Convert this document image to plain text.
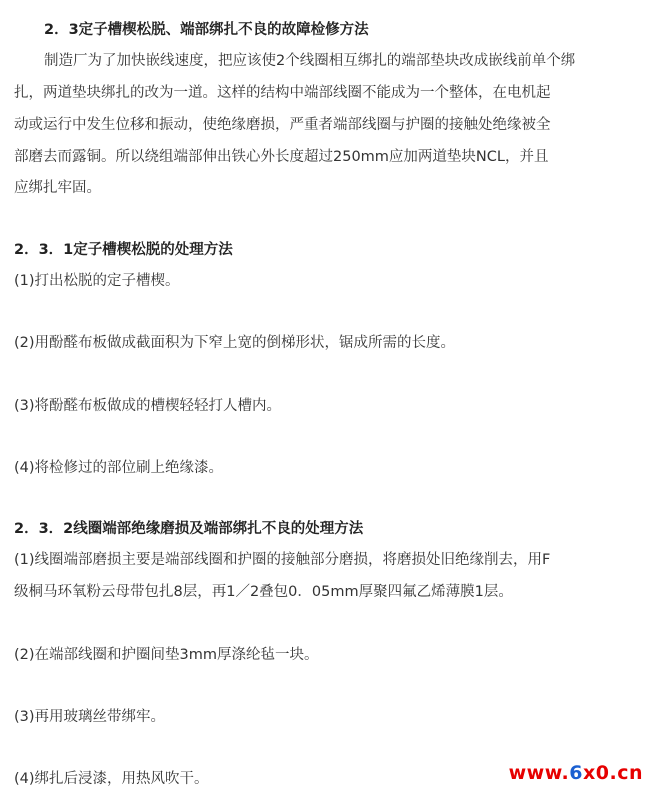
2．3定子槽楔松脱、端部绑扎不良的故障检修方法
制造厂为了加快嵌线速度，把应该使2个线圈相互绑扎的端部垫块改成嵌线前单个绑
扎，两道垫块绑扎的改为一道。这样的结构中端部线圈不能成为一个整体，在电机起
动或运行中发生位移和振动，使绝缘磨损，严重者端部线圈与护圈的接触处绝缘被全
部磨去而露铜。所以绕组端部伸出铁心外长度超过250mm应加两道垫块NCL，并且
应绑扎牢固。
2．3．1定子槽楔松脱的处理方法
(1)打出松脱的定子槽楔。
(2)用酚醛布板做成截面积为下窄上宽的倒梯形状，锯成所需的长度。
(3)将酚醛布板做成的槽楔轻轻打人槽内。
(4)将检修过的部位刷上绝缘漆。
2．3．2线圈端部绝缘磨损及端部绑扎不良的处理方法
(1)线圈端部磨损主要是端部线圈和护圈的接触部分磨损，将磨损处旧绝缘削去，用F
级桐马环氧粉云母带包扎8层，再1／2叠包0．05mm厚聚四氟乙烯薄膜1层。
(2)在端部线圈和护圈间垫3mm厚涤纶毡一块。
(3)再用玻璃丝带绑牢。
(4)绑扎后浸漆，用热风吹干。	www.6x0.cn
